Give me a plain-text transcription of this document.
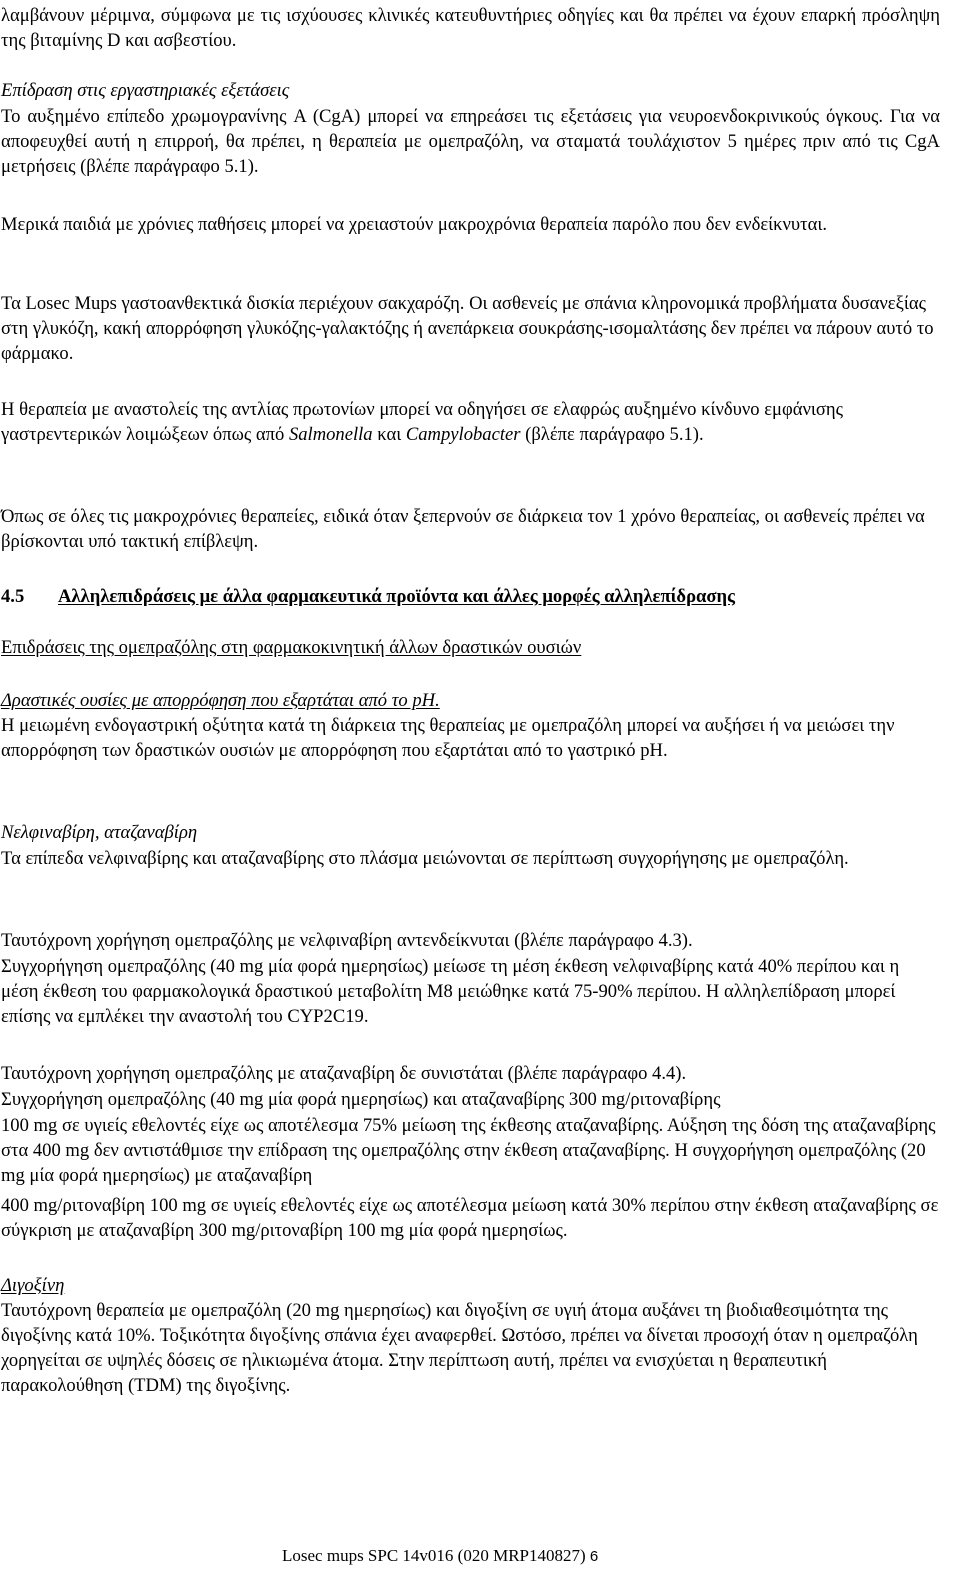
λαμβάνουν μέριμνα, σύμφωνα με τις ισχύουσες κλινικές κατευθυντήριες οδηγίες και θα πρέπει να έχουν επαρκή πρόσληψη της βιταμίνης D και ασβεστίου.

Επίδραση στις εργαστηριακές εξετάσεις

Το αυξημένο επίπεδο χρωμογρανίνης A (CgA) μπορεί να επηρεάσει τις εξετάσεις για νευροενδοκρινικούς όγκους. Για να αποφευχθεί αυτή η επιρροή, θα πρέπει, η θεραπεία με ομεπραζόλη, να σταματά τουλάχιστον 5 ημέρες πριν από τις CgA μετρήσεις (βλέπε παράγραφο 5.1).

Μερικά παιδιά με χρόνιες παθήσεις μπορεί να χρειαστούν μακροχρόνια θεραπεία παρόλο που δεν ενδείκνυται.

Τα Losec Mups γαστοανθεκτικά δισκία περιέχουν σακχαρόζη. Οι ασθενείς με σπάνια κληρονομικά προβλήματα δυσανεξίας στη γλυκόζη, κακή απορρόφηση γλυκόζης-γαλακτόζης ή ανεπάρκεια σουκράσης-ισομαλτάσης δεν πρέπει να πάρουν αυτό το φάρμακο.

Η θεραπεία με αναστολείς της αντλίας πρωτονίων μπορεί να οδηγήσει σε ελαφρώς αυξημένο κίνδυνο εμφάνισης γαστρεντερικών λοιμώξεων όπως από Salmonella και Campylobacter (βλέπε παράγραφο 5.1).

Όπως σε όλες τις μακροχρόνιες θεραπείες, ειδικά όταν ξεπερνούν σε διάρκεια τον 1 χρόνο θεραπείας, οι ασθενείς πρέπει να βρίσκονται υπό τακτική επίβλεψη.

4.5 Αλληλεπιδράσεις με άλλα φαρμακευτικά προϊόντα και άλλες μορφές αλληλεπίδρασης

Επιδράσεις της ομεπραζόλης στη φαρμακοκινητική άλλων δραστικών ουσιών

Δραστικές ουσίες με απορρόφηση που εξαρτάται από το pH.

Η μειωμένη ενδογαστρική οξύτητα κατά τη διάρκεια της θεραπείας με ομεπραζόλη μπορεί να αυξήσει ή να μειώσει την απορρόφηση των δραστικών ουσιών με απορρόφηση που εξαρτάται από το γαστρικό pH.

Νελφιναβίρη, αταζαναβίρη

Τα επίπεδα νελφιναβίρης και αταζαναβίρης στο πλάσμα μειώνονται σε περίπτωση συγχορήγησης με ομεπραζόλη.

Ταυτόχρονη χορήγηση ομεπραζόλης με νελφιναβίρη αντενδείκνυται (βλέπε παράγραφο 4.3).

Συγχορήγηση ομεπραζόλης (40 mg μία φορά ημερησίως) μείωσε τη μέση έκθεση νελφιναβίρης κατά 40% περίπου και η μέση έκθεση του φαρμακολογικά δραστικού μεταβολίτη M8 μειώθηκε κατά 75-90% περίπου. Η αλληλεπίδραση μπορεί επίσης να εμπλέκει την αναστολή του CYP2C19.

Ταυτόχρονη χορήγηση ομεπραζόλης με αταζαναβίρη δε συνιστάται (βλέπε παράγραφο 4.4).

Συγχορήγηση ομεπραζόλης (40 mg μία φορά ημερησίως) και αταζαναβίρης 300 mg/ριτοναβίρης

100 mg σε υγιείς εθελοντές είχε ως αποτέλεσμα 75% μείωση της έκθεσης αταζαναβίρης. Αύξηση της δόση της αταζαναβίρης στα 400 mg δεν αντιστάθμισε την επίδραση της ομεπραζόλης στην έκθεση αταζαναβίρης. Η συγχορήγηση ομεπραζόλης (20 mg μία φορά ημερησίως) με αταζαναβίρη

400 mg/ριτοναβίρη 100 mg σε υγιείς εθελοντές είχε ως αποτέλεσμα μείωση κατά 30% περίπου στην έκθεση αταζαναβίρης σε σύγκριση με αταζαναβίρη 300 mg/ριτοναβίρη 100 mg μία φορά ημερησίως.

Διγοξίνη

Ταυτόχρονη θεραπεία με ομεπραζόλη (20 mg ημερησίως) και διγοξίνη σε υγιή άτομα αυξάνει τη βιοδιαθεσιμότητα της διγοξίνης κατά 10%. Τοξικότητα διγοξίνης σπάνια έχει αναφερθεί. Ωστόσο, πρέπει να δίνεται προσοχή όταν η ομεπραζόλη χορηγείται σε υψηλές δόσεις σε ηλικιωμένα άτομα. Στην περίπτωση αυτή, πρέπει να ενισχύεται η θεραπευτική παρακολούθηση (TDM) της διγοξίνης.

Losec mups SPC 14v016 (020 MRP140827) 6
